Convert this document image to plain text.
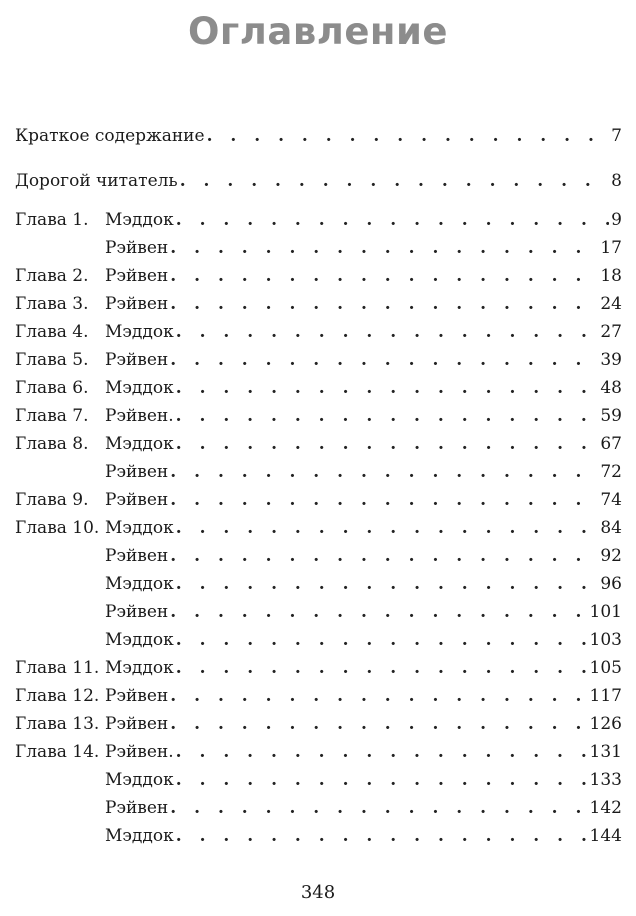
Оглавление
Краткое содержание . . .	7
Дорогой читатель . . .	8
Глава 1. Мэддок . . .	9
Рэйвен . . .	17
Глава 2. Рэйвен . . .	18
Глава 3. Рэйвен . . .	24
Глава 4. Мэддок . . .	27
Глава 5. Рэйвен . . .	39
Глава 6. Мэддок . . .	48
Глава 7. Рэйвен. . . .	59
Глава 8. Мэддок . . .	67
Рэйвен . . .	72
Глава 9. Рэйвен . . .	74
Глава 10. Мэддок . . .	84
Рэйвен . . .	92
Мэддок . . .	96
Рэйвен . . .	101
Мэддок . . .	103
Глава 11. Мэддок . . .	105
Глава 12. Рэйвен . . .	117
Глава 13. Рэйвен . . .	126
Глава 14. Рэйвен. . . .	131
Мэддок . . .	133
Рэйвен . . .	142
Мэддок . . .	144
348
